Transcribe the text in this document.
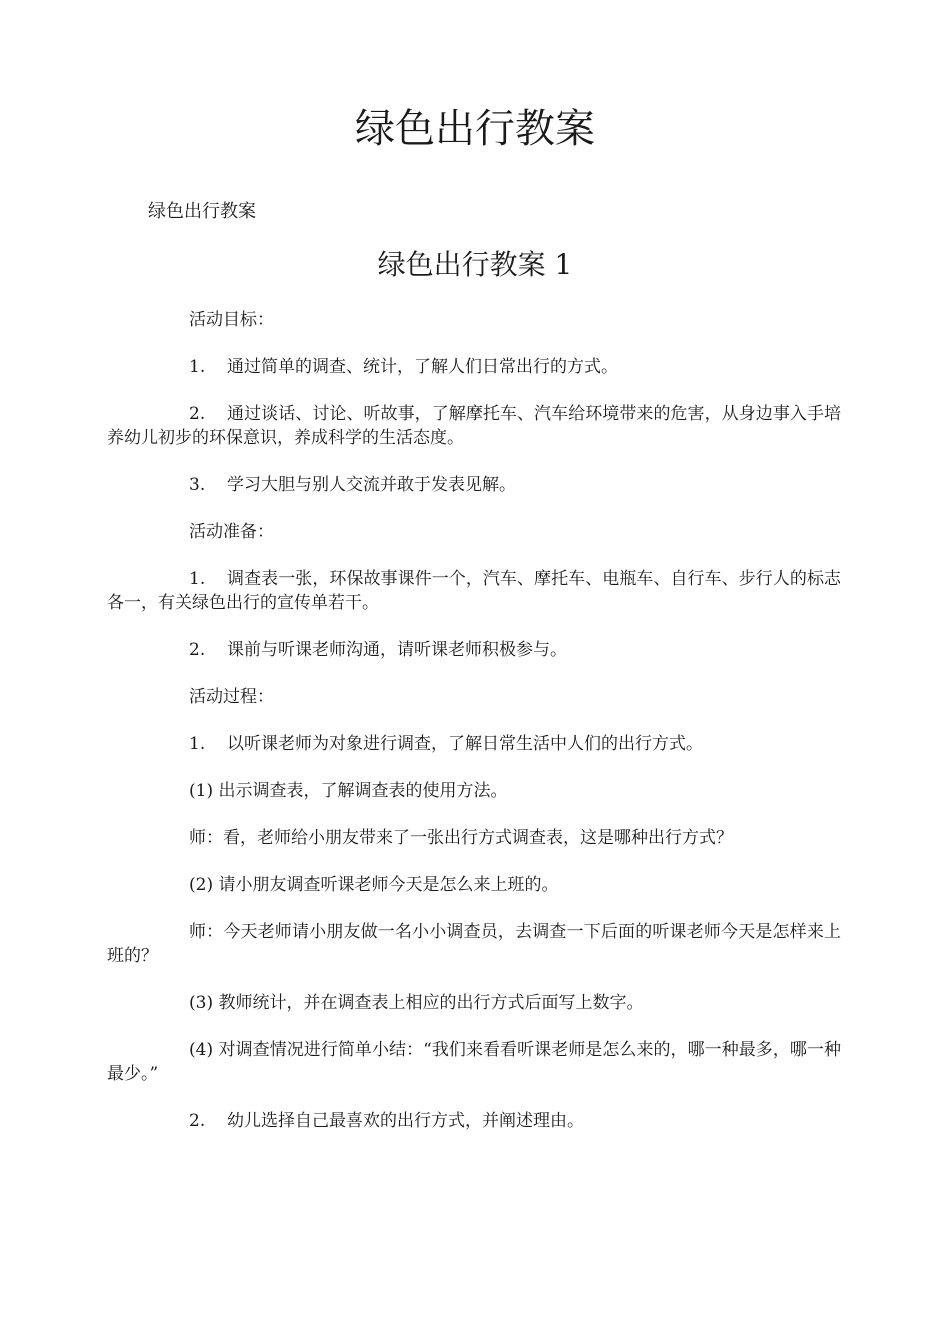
绿色出行教案

绿色出行教案

绿色出行教案 1

活动目标：

1. 通过简单的调查、统计，了解人们日常出行的方式。

2. 通过谈话、讨论、听故事，了解摩托车、汽车给环境带来的危害，从身边事入手培养幼儿初步的环保意识，养成科学的生活态度。

3. 学习大胆与别人交流并敢于发表见解。

活动准备：

1. 调查表一张，环保故事课件一个，汽车、摩托车、电瓶车、自行车、步行人的标志各一，有关绿色出行的宣传单若干。

2. 课前与听课老师沟通，请听课老师积极参与。

活动过程：

1. 以听课老师为对象进行调查，了解日常生活中人们的出行方式。

(1) 出示调查表，了解调查表的使用方法。

师：看，老师给小朋友带来了一张出行方式调查表，这是哪种出行方式？

(2) 请小朋友调查听课老师今天是怎么来上班的。

师：今天老师请小朋友做一名小小调查员，去调查一下后面的听课老师今天是怎样来上班的？

(3) 教师统计，并在调查表上相应的出行方式后面写上数字。

(4) 对调查情况进行简单小结：“我们来看看听课老师是怎么来的，哪一种最多，哪一种最少。”

2. 幼儿选择自己最喜欢的出行方式，并阐述理由。
